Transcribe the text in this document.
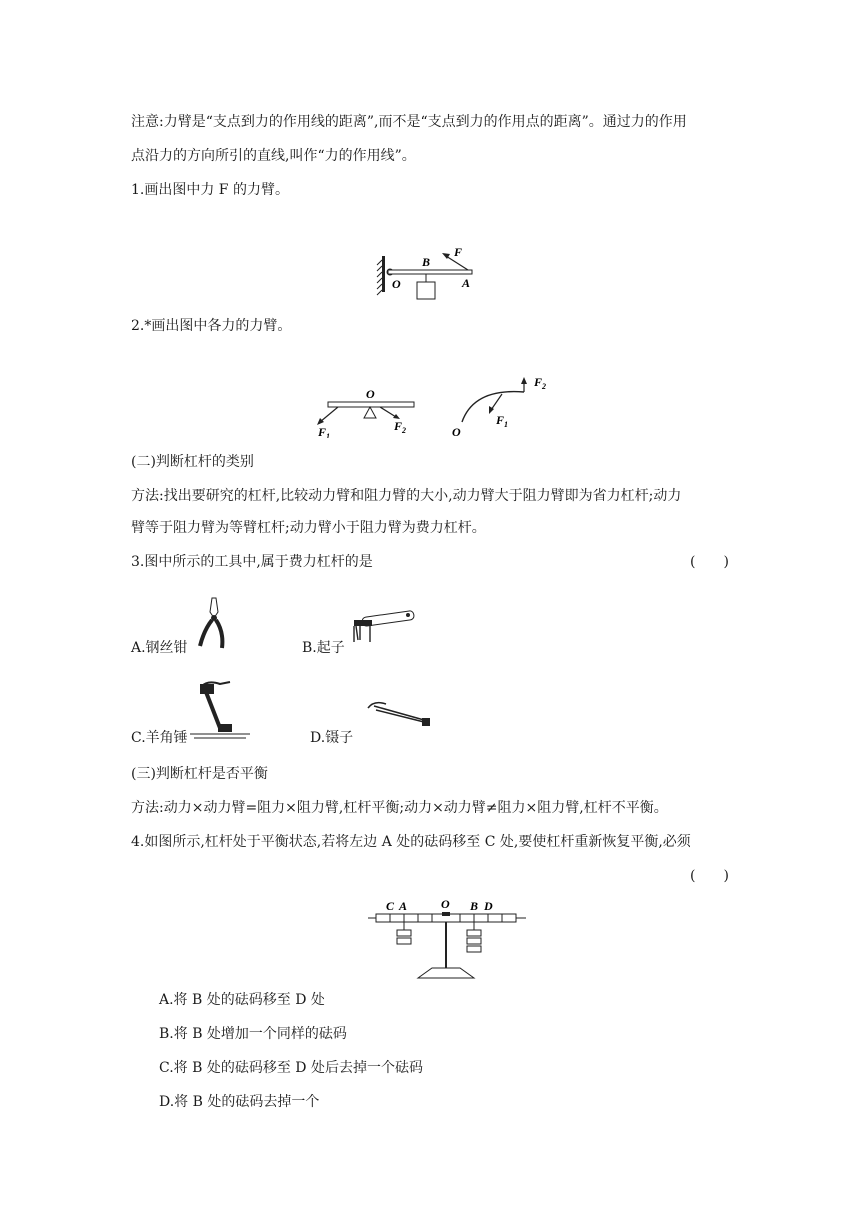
注意:力臂是“支点到力的作用线的距离”,而不是“支点到力的作用点的距离”。通过力的作用
点沿力的方向所引的直线,叫作“力的作用线”。
1.画出图中力 F 的力臂。
B
F
O	A
2.*画出图中各力的力臂。
O
$F_1$
$F_2$
$F_2$
$F_1$
O
(二)判断杠杆的类别
方法:找出要研究的杠杆,比较动力臂和阻力臂的大小,动力臂大于阻力臂即为省力杠杆;动力
臂等于阻力臂为等臂杠杆;动力臂小于阻力臂为费力杠杆。
3.图中所示的工具中,属于费力杠杆的是	(　　)
A.钢丝钳	B.起子
C.羊角锤	D.镊子
(三)判断杠杆是否平衡
方法:动力×动力臂=阻力×阻力臂,杠杆平衡;动力×动力臂≠阻力×阻力臂,杠杆不平衡。
4.如图所示,杠杆处于平衡状态,若将左边 A 处的砝码移至 C 处,要使杠杆重新恢复平衡,必须
(　　)
C A	O B D
A.将 B 处的砝码移至 D 处
B.将 B 处增加一个同样的砝码
C.将 B 处的砝码移至 D 处后去掉一个砝码
D.将 B 处的砝码去掉一个
